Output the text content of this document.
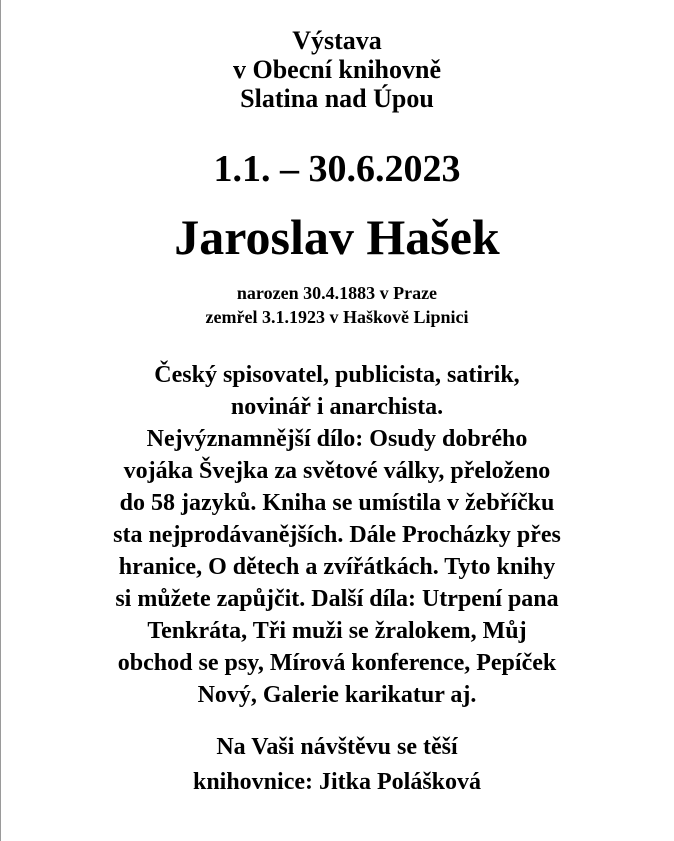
Výstava
v Obecní knihovně
Slatina nad Úpou
1.1. – 30.6.2023
Jaroslav Hašek
narozen 30.4.1883 v Praze
zemřel 3.1.1923 v Haškově Lipnici
Český spisovatel, publicista, satirik,
novinář i anarchista.
Nejvýznamnější dílo: Osudy dobrého
vojáka Švejka za světové války, přeloženo
do 58 jazyků. Kniha se umístila v žebříčku
sta nejprodávanějších. Dále Procházky přes
hranice, O dětech a zvířátkách. Tyto knihy
si můžete zapůjčit. Další díla: Utrpení pana
Tenkráta, Tři muži se žralokem, Můj
obchod se psy, Mírová konference, Pepíček
Nový, Galerie karikatur aj.
Na Vaši návštěvu se těší
knihovnice: Jitka Polášková
